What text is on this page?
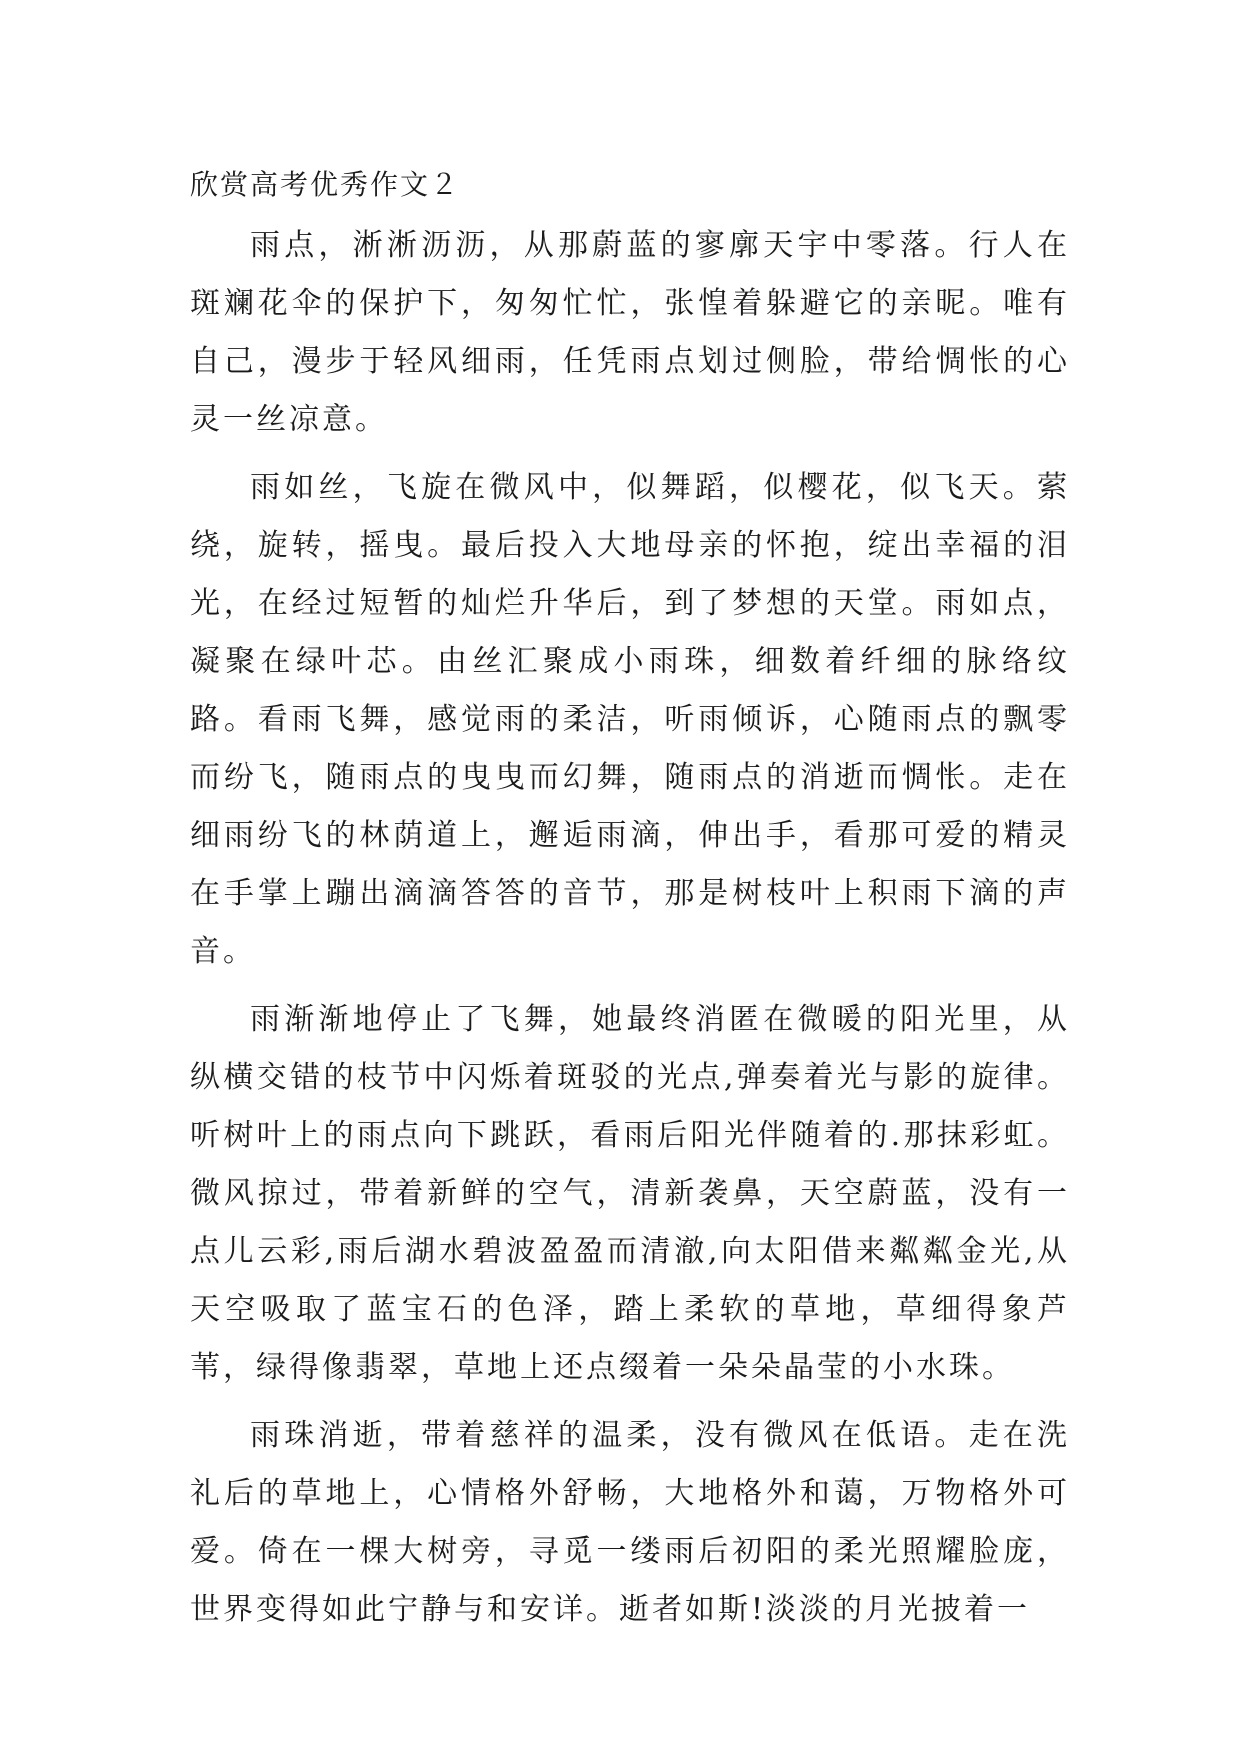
欣赏高考优秀作文２

雨点，淅淅沥沥，从那蔚蓝的寥廓天宇中零落。行人在斑斓花伞的保护下，匆匆忙忙，张惶着躲避它的亲昵。唯有自己，漫步于轻风细雨，任凭雨点划过侧脸，带给惆怅的心灵一丝凉意。

雨如丝，飞旋在微风中，似舞蹈，似樱花，似飞天。萦绕，旋转，摇曳。最后投入大地母亲的怀抱，绽出幸福的泪光，在经过短暂的灿烂升华后，到了梦想的天堂。雨如点，凝聚在绿叶芯。由丝汇聚成小雨珠，细数着纤细的脉络纹路。看雨飞舞，感觉雨的柔洁，听雨倾诉，心随雨点的飘零而纷飞，随雨点的曳曳而幻舞，随雨点的消逝而惆怅。走在细雨纷飞的林荫道上，邂逅雨滴，伸出手，看那可爱的精灵在手掌上蹦出滴滴答答的音节，那是树枝叶上积雨下滴的声音。

雨渐渐地停止了飞舞，她最终消匿在微暖的阳光里，从纵横交错的枝节中闪烁着斑驳的光点,弹奏着光与影的旋律。听树叶上的雨点向下跳跃，看雨后阳光伴随着的.那抹彩虹。微风掠过，带着新鲜的空气，清新袭鼻，天空蔚蓝，没有一点儿云彩,雨后湖水碧波盈盈而清澈,向太阳借来粼粼金光,从天空吸取了蓝宝石的色泽，踏上柔软的草地，草细得象芦苇，绿得像翡翠，草地上还点缀着一朵朵晶莹的小水珠。

雨珠消逝，带着慈祥的温柔，没有微风在低语。走在洗礼后的草地上，心情格外舒畅，大地格外和蔼，万物格外可爱。倚在一棵大树旁，寻觅一缕雨后初阳的柔光照耀脸庞，世界变得如此宁静与和安详。逝者如斯!淡淡的月光披着一
